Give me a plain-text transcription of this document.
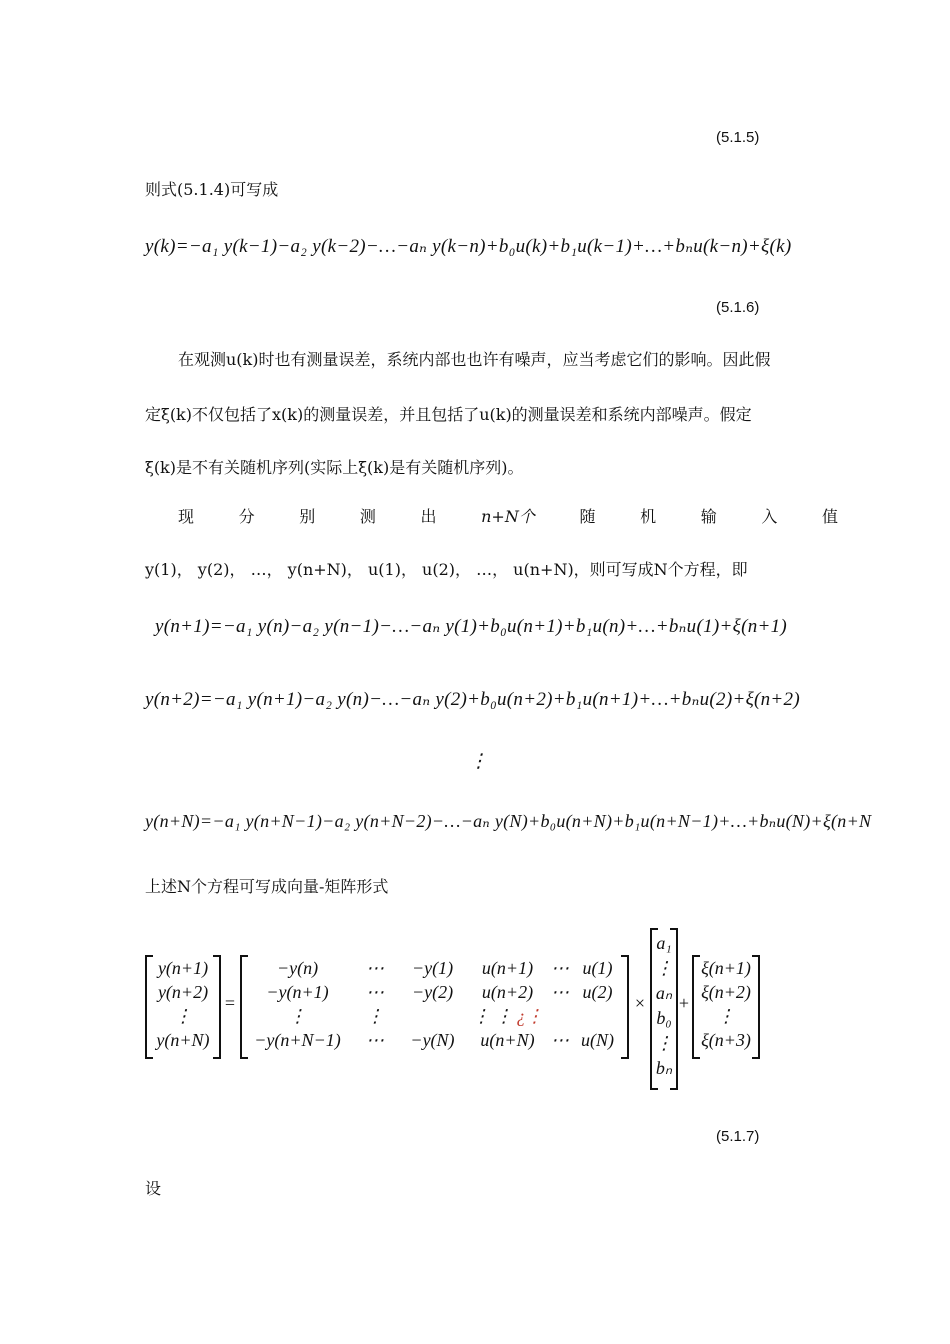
(5.1.5)
则式(5.1.4)可写成
y(k)=−a₁ y(k−1)−a₂ y(k−2)−…−aₙ y(k−n)+b₀u(k)+b₁u(k−1)+…+bₙu(k−n)+ξ(k)
(5.1.6)
在观测u(k)时也有测量误差，系统内部也也许有噪声，应当考虑它们的影响。因此假
定ξ(k)不仅包括了x(k)的测量误差，并且包括了u(k)的测量误差和系统内部噪声。假定
ξ(k)是不有关随机序列(实际上ξ(k)是有关随机序列)。
现	分	别	测	出	n+N个	随	机	输	入	值
y(1)， y(2)， …， y(n+N)， u(1)， u(2)， …， u(n+N)，则可写成N个方程，即
y(n+1)=−a₁ y(n)−a₂ y(n−1)−…−aₙ y(1)+b₀u(n+1)+b₁u(n)+…+bₙu(1)+ξ(n+1)
y(n+2)=−a₁ y(n+1)−a₂ y(n)−…−aₙ y(2)+b₀u(n+2)+b₁u(n+1)+…+bₙu(2)+ξ(n+2)
⋮
y(n+N)=−a₁ y(n+N−1)−a₂ y(n+N−2)−…−aₙ y(N)+b₀u(n+N)+b₁u(n+N−1)+…+bₙu(N)+ξ(n+N
上述N个方程可写成向量-矩阵形式
y(n+1)
y(n+2)
⋮
y(n+N)
=
−y(n)	⋯	−y(1)	u(n+1) ⋯ u(1)
−y(n+1)	⋯	−y(2)	u(n+2) ⋯ u(2)
⋮	⋮	⋮ ⋮ ¿⋮
−y(n+N−1)	⋯	−y(N)	u(n+N) ⋯ u(N)
×
a₁
⋮
aₙ
b₀
⋮
bₙ
+
ξ(n+1)
ξ(n+2)
⋮
ξ(n+3)
(5.1.7)
设
